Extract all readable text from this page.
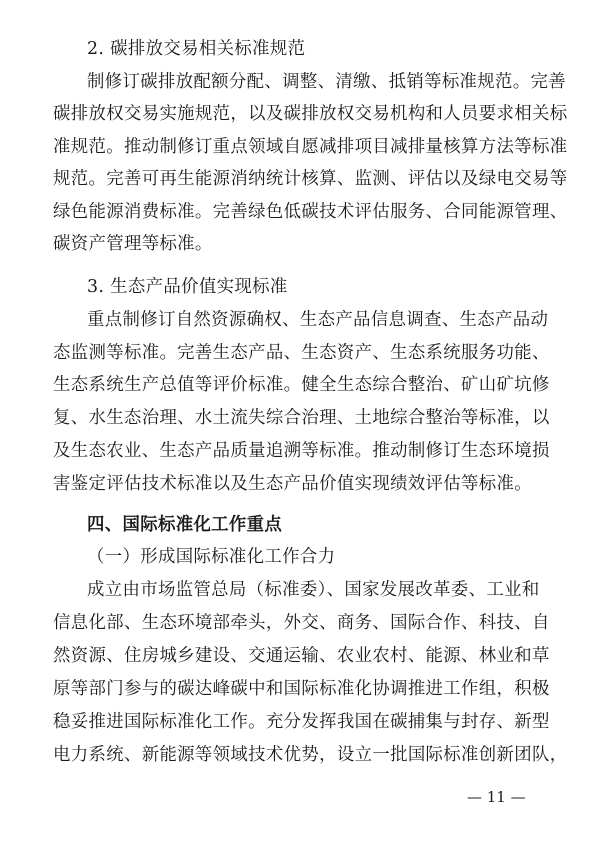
2. 碳排放交易相关标准规范
制修订碳排放配额分配、调整、清缴、抵销等标准规范。完善
碳排放权交易实施规范，以及碳排放权交易机构和人员要求相关标
准规范。推动制修订重点领域自愿减排项目减排量核算方法等标准
规范。完善可再生能源消纳统计核算、监测、评估以及绿电交易等
绿色能源消费标准。完善绿色低碳技术评估服务、合同能源管理、
碳资产管理等标准。
3. 生态产品价值实现标准
重点制修订自然资源确权、生态产品信息调查、生态产品动
态监测等标准。完善生态产品、生态资产、生态系统服务功能、
生态系统生产总值等评价标准。健全生态综合整治、矿山矿坑修
复、水生态治理、水土流失综合治理、土地综合整治等标准，以
及生态农业、生态产品质量追溯等标准。推动制修订生态环境损
害鉴定评估技术标准以及生态产品价值实现绩效评估等标准。
四、国际标准化工作重点
（一）形成国际标准化工作合力
成立由市场监管总局（标准委）、国家发展改革委、工业和
信息化部、生态环境部牵头，外交、商务、国际合作、科技、自
然资源、住房城乡建设、交通运输、农业农村、能源、林业和草
原等部门参与的碳达峰碳中和国际标准化协调推进工作组，积极
稳妥推进国际标准化工作。充分发挥我国在碳捕集与封存、新型
电力系统、新能源等领域技术优势，设立一批国际标准创新团队，
— 11 —
